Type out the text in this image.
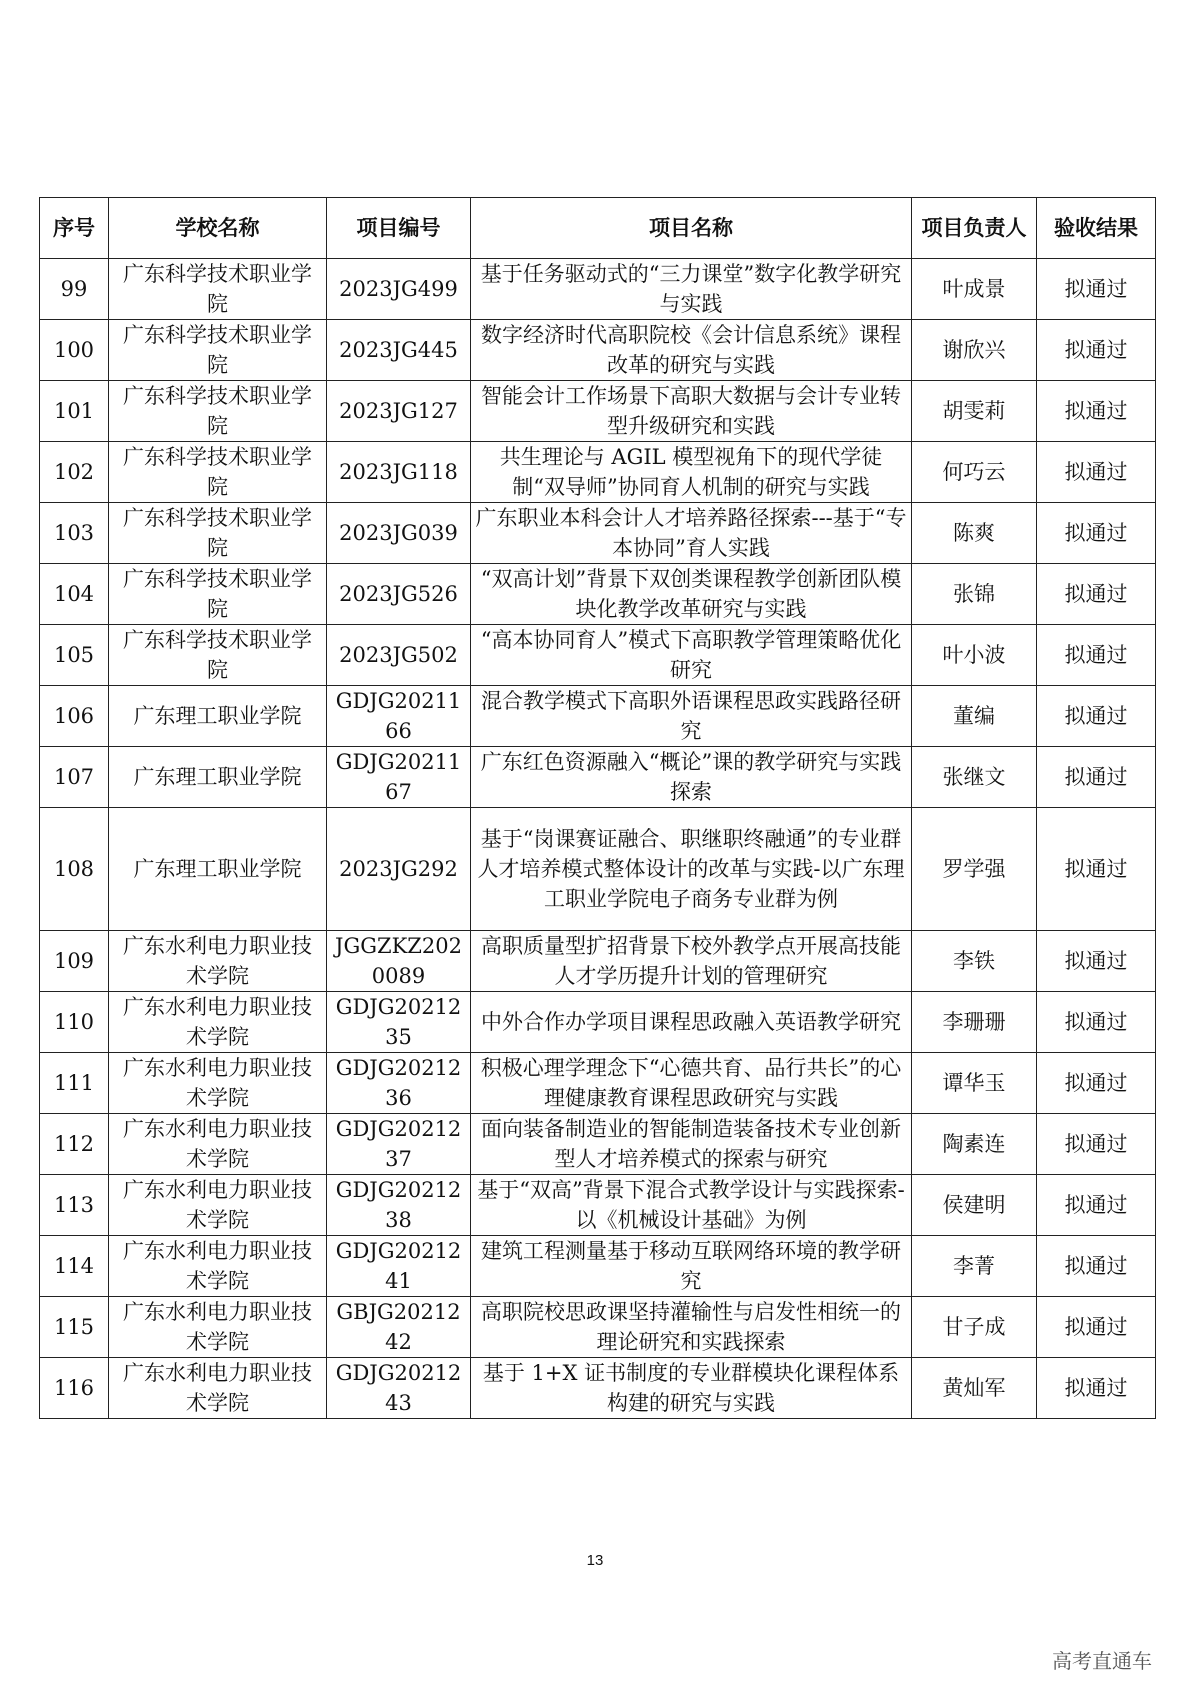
序号	学校名称	项目编号	项目名称	项目负责人	验收结果
99	广东科学技术职业学院	2023JG499	基于任务驱动式的“三力课堂”数字化教学研究与实践	叶成景	拟通过
100	广东科学技术职业学院	2023JG445	数字经济时代高职院校《会计信息系统》课程改革的研究与实践	谢欣兴	拟通过
101	广东科学技术职业学院	2023JG127	智能会计工作场景下高职大数据与会计专业转型升级研究和实践	胡雯莉	拟通过
102	广东科学技术职业学院	2023JG118	共生理论与 AGIL 模型视角下的现代学徒制“双导师”协同育人机制的研究与实践	何巧云	拟通过
103	广东科学技术职业学院	2023JG039	广东职业本科会计人才培养路径探索---基于“专本协同”育人实践	陈爽	拟通过
104	广东科学技术职业学院	2023JG526	“双高计划”背景下双创类课程教学创新团队模块化教学改革研究与实践	张锦	拟通过
105	广东科学技术职业学院	2023JG502	“高本协同育人”模式下高职教学管理策略优化研究	叶小波	拟通过
106	广东理工职业学院	GDJG2021166	混合教学模式下高职外语课程思政实践路径研究	董编	拟通过
107	广东理工职业学院	GDJG2021167	广东红色资源融入“概论”课的教学研究与实践探索	张继文	拟通过
108	广东理工职业学院	2023JG292	基于“岗课赛证融合、职继职终融通”的专业群人才培养模式整体设计的改革与实践-以广东理工职业学院电子商务专业群为例	罗学强	拟通过
109	广东水利电力职业技术学院	JGGZKZ2020089	高职质量型扩招背景下校外教学点开展高技能人才学历提升计划的管理研究	李铁	拟通过
110	广东水利电力职业技术学院	GDJG2021235	中外合作办学项目课程思政融入英语教学研究	李珊珊	拟通过
111	广东水利电力职业技术学院	GDJG2021236	积极心理学理念下“心德共育、品行共长”的心理健康教育课程思政研究与实践	谭华玉	拟通过
112	广东水利电力职业技术学院	GDJG2021237	面向装备制造业的智能制造装备技术专业创新型人才培养模式的探索与研究	陶素连	拟通过
113	广东水利电力职业技术学院	GDJG2021238	基于“双高”背景下混合式教学设计与实践探索-以《机械设计基础》为例	侯建明	拟通过
114	广东水利电力职业技术学院	GDJG2021241	建筑工程测量基于移动互联网络环境的教学研究	李菁	拟通过
115	广东水利电力职业技术学院	GBJG2021242	高职院校思政课坚持灌输性与启发性相统一的理论研究和实践探索	甘子成	拟通过
116	广东水利电力职业技术学院	GDJG2021243	基于 1+X 证书制度的专业群模块化课程体系构建的研究与实践	黄灿军	拟通过
13
高考直通车
